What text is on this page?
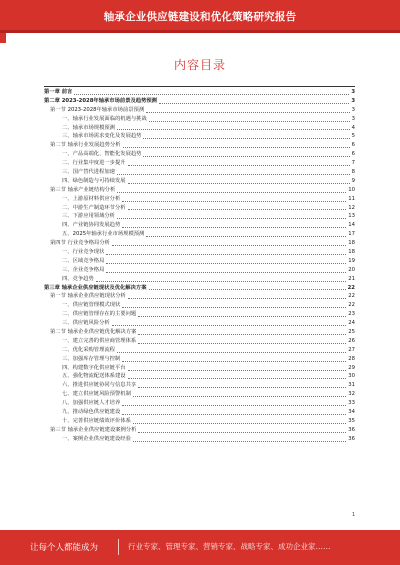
轴承企业供应链建设和优化策略研究报告
内容目录
第一章 前言	3
第二章 2023-2028年轴承市场前景及趋势预测	3
第一节 2023-2028年轴承市场前景预测	3
一、轴承行业发展面临的机遇与挑战	3
二、轴承市场规模预测	4
三、轴承市场需求变化及发展趋势	5
第二节 轴承行业发展趋势分析	6
一、产品高端化、智能化发展趋势	6
二、行业集中度进一步提升	7
三、国产替代进程加速	8
四、绿色制造与可持续发展	9
第三节 轴承产业链结构分析	10
一、上游原材料供应分析	11
二、中游生产制造环节分析	12
三、下游应用领域分析	13
四、产业链协同发展趋势	14
五、2025年轴承行业市场规模预测	17
第四节 行业竞争格局分析	18
一、行业竞争现状	18
二、区域竞争格局	19
三、企业竞争格局	20
四、竞争趋势	21
第三章 轴承企业供应链现状及优化解决方案	22
第一节 轴承企业供应链现状分析	22
一、供应链管理模式现状	22
二、供应链管理存在的主要问题	23
三、供应链风险分析	24
第二节 轴承企业供应链优化解决方案	25
一、建立完善的供应商管理体系	26
二、优化采购管理流程	27
三、加强库存管理与控制	28
四、构建数字化供应链平台	29
五、强化物流配送体系建设	30
六、推进供应链协同与信息共享	31
七、建立供应链风险预警机制	32
八、加强供应链人才培养	33
九、推动绿色供应链建设	34
十、完善供应链绩效评价体系	35
第三节 轴承企业供应链建设案例分析	36
一、案例企业供应链建设经验	36
1
让每个人都能成为	行业专家、管理专家、营销专家、战略专家、成功企业家……
